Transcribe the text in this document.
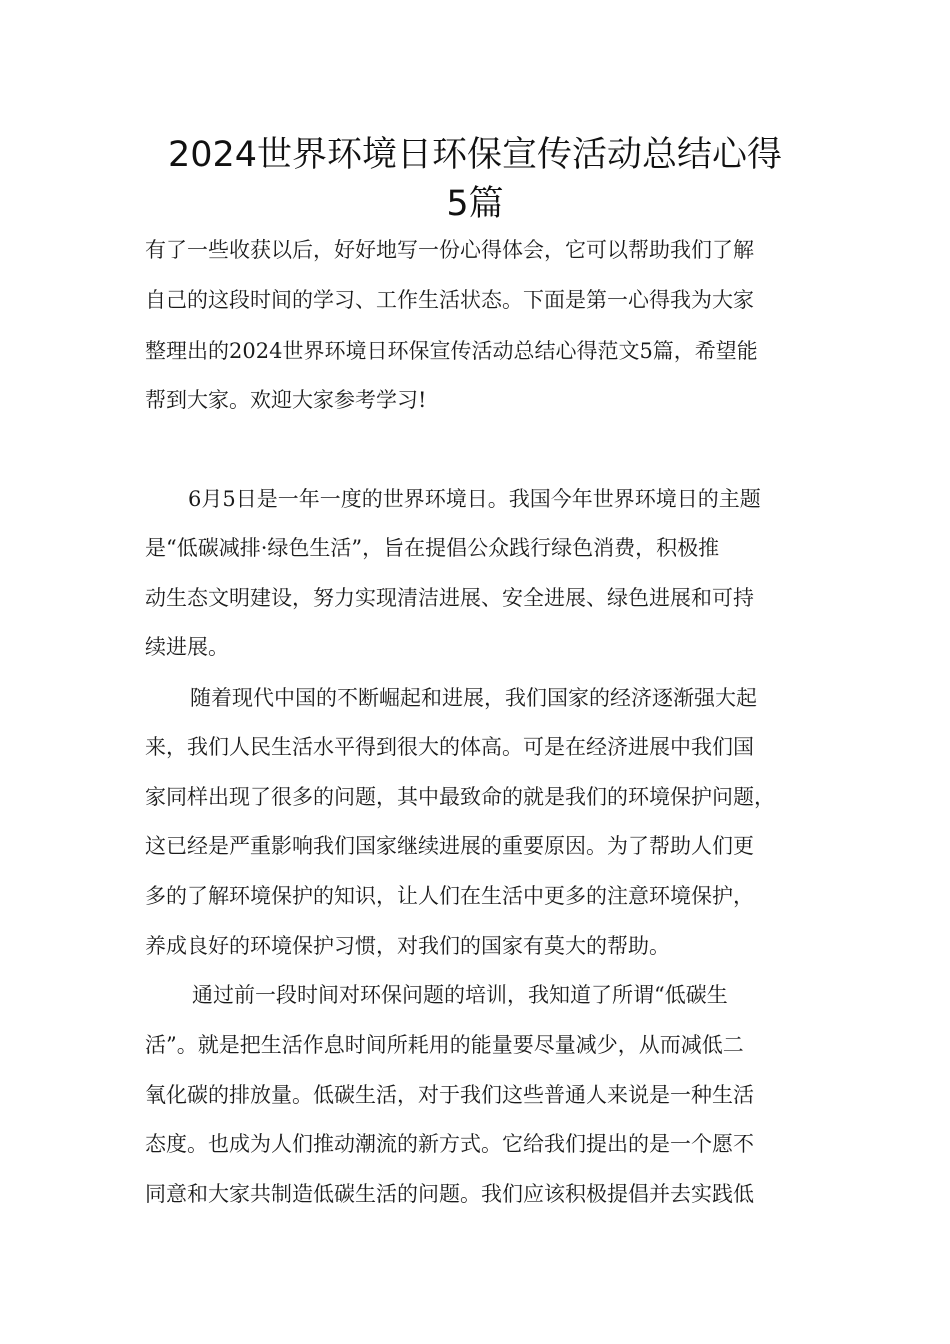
2024世界环境日环保宣传活动总结心得
5篇
有了一些收获以后，好好地写一份心得体会，它可以帮助我们了解
自己的这段时间的学习、工作生活状态。下面是第一心得我为大家
整理出的2024世界环境日环保宣传活动总结心得范文5篇，希望能
帮到大家。欢迎大家参考学习!
6月5日是一年一度的世界环境日。我国今年世界环境日的主题
是“低碳减排·绿色生活”，旨在提倡公众践行绿色消费，积极推
动生态文明建设，努力实现清洁进展、安全进展、绿色进展和可持
续进展。
随着现代中国的不断崛起和进展，我们国家的经济逐渐强大起
来，我们人民生活水平得到很大的体高。可是在经济进展中我们国
家同样出现了很多的问题，其中最致命的就是我们的环境保护问题，
这已经是严重影响我们国家继续进展的重要原因。为了帮助人们更
多的了解环境保护的知识，让人们在生活中更多的注意环境保护，
养成良好的环境保护习惯，对我们的国家有莫大的帮助。
通过前一段时间对环保问题的培训，我知道了所谓“低碳生
活”。就是把生活作息时间所耗用的能量要尽量减少，从而减低二
氧化碳的排放量。低碳生活，对于我们这些普通人来说是一种生活
态度。也成为人们推动潮流的新方式。它给我们提出的是一个愿不
同意和大家共制造低碳生活的问题。我们应该积极提倡并去实践低
